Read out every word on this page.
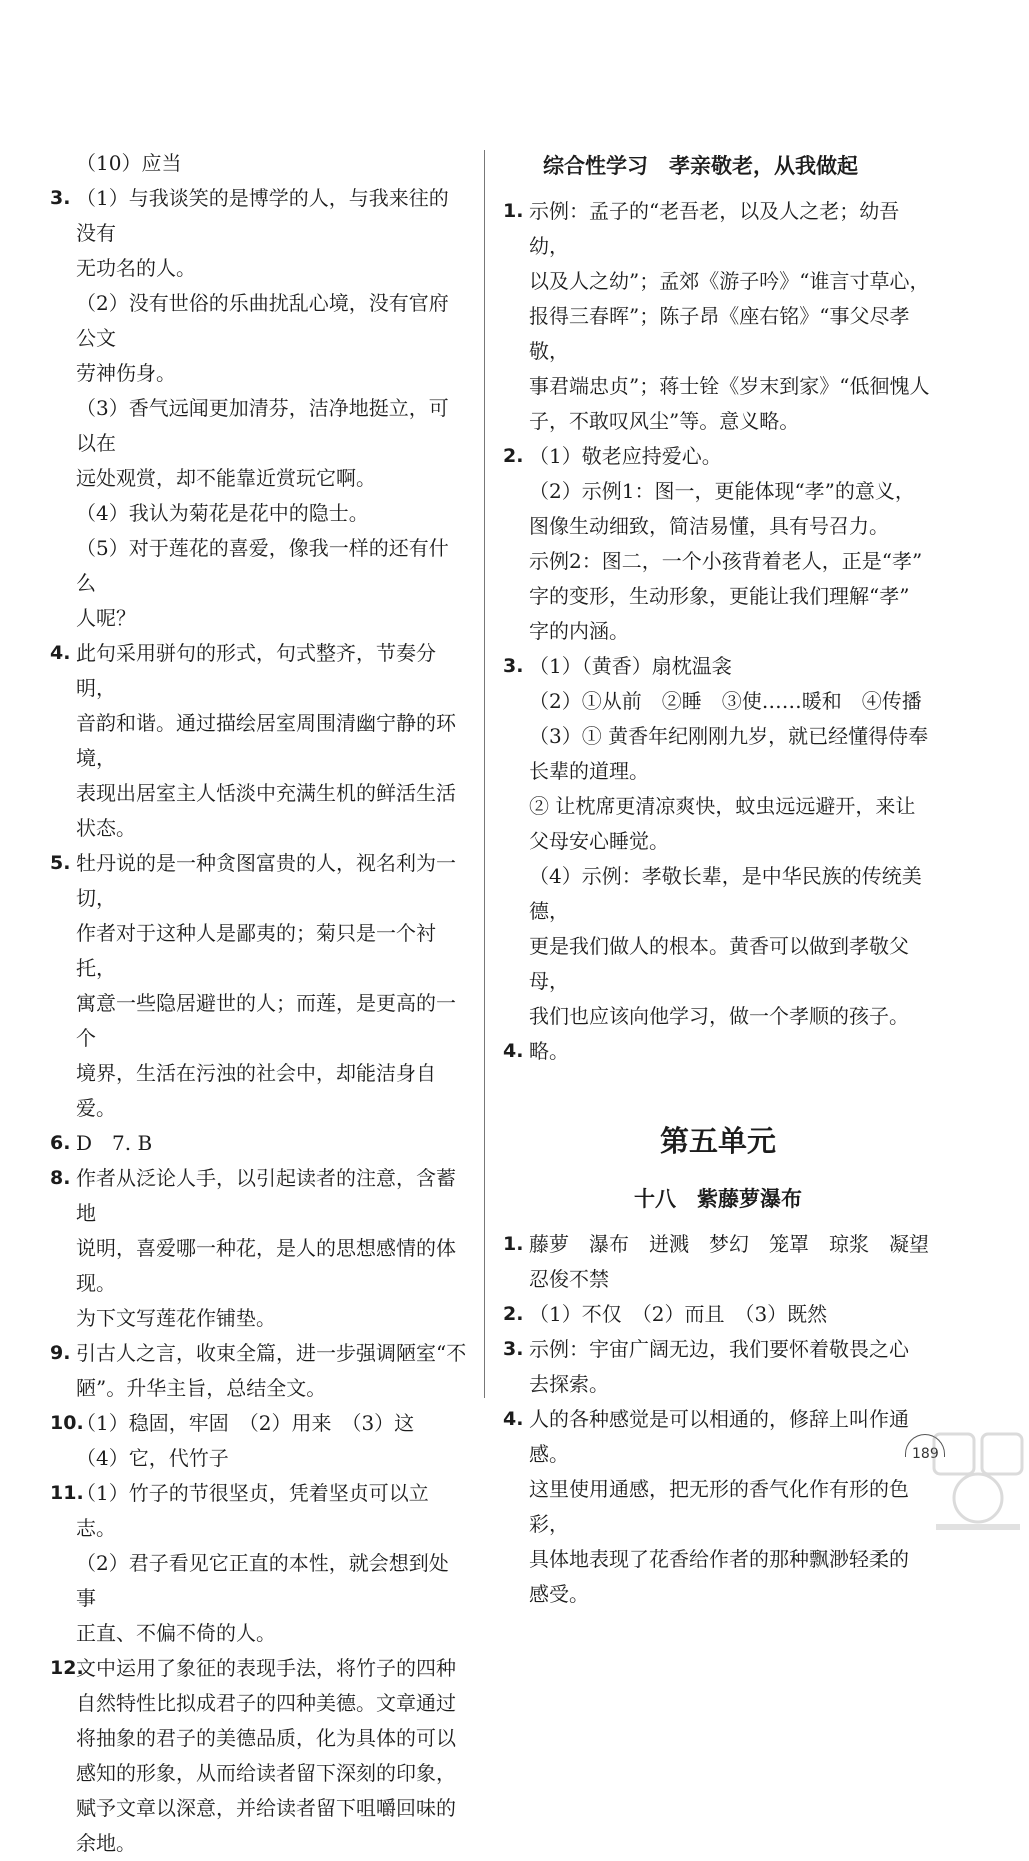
（10）应当
3. （1）与我谈笑的是博学的人，与我来往的没有
无功名的人。
（2）没有世俗的乐曲扰乱心境，没有官府公文
劳神伤身。
（3）香气远闻更加清芬，洁净地挺立，可以在
远处观赏，却不能靠近赏玩它啊。
（4）我认为菊花是花中的隐士。
（5）对于莲花的喜爱，像我一样的还有什么
人呢？
4. 此句采用骈句的形式，句式整齐，节奏分明，
音韵和谐。通过描绘居室周围清幽宁静的环境，
表现出居室主人恬淡中充满生机的鲜活生活
状态。
5. 牡丹说的是一种贪图富贵的人，视名利为一切，
作者对于这种人是鄙夷的；菊只是一个衬托，
寓意一些隐居避世的人；而莲，是更高的一个
境界，生活在污浊的社会中，却能洁身自爱。
6. D　7. B
8. 作者从泛论人手，以引起读者的注意，含蓄地
说明，喜爱哪一种花，是人的思想感情的体现。
为下文写莲花作铺垫。
9. 引古人之言，收束全篇，进一步强调陋室“不
陋”。升华主旨，总结全文。
10.
（1）稳固，牢固　（2）用来　（3）这
（4）它，代竹子
11.
（1）竹子的节很坚贞，凭着坚贞可以立志。
（2）君子看见它正直的本性，就会想到处事
正直、不偏不倚的人。
12.
文中运用了象征的表现手法，将竹子的四种
自然特性比拟成君子的四种美德。文章通过
将抽象的君子的美德品质，化为具体的可以
感知的形象，从而给读者留下深刻的印象，
赋予文章以深意，并给读者留下咀嚼回味的
余地。
综合性学习　孝亲敬老，从我做起
1. 示例：孟子的“老吾老，以及人之老；幼吾幼，
以及人之幼”；孟郊《游子吟》“谁言寸草心，
报得三春晖”；陈子昂《座右铭》“事父尽孝敬，
事君端忠贞”；蒋士铨《岁末到家》“低徊愧人
子，不敢叹风尘”等。意义略。
2. （1）敬老应持爱心。
（2）示例1：图一，更能体现“孝”的意义，
图像生动细致，简洁易懂，具有号召力。
示例2：图二，一个小孩背着老人，正是“孝”
字的变形，生动形象，更能让我们理解“孝”
字的内涵。
3. （1）（黄香）扇枕温衾
（2）①从前　②睡　③使……暖和　④传播
（3）① 黄香年纪刚刚九岁，就已经懂得侍奉
长辈的道理。
② 让枕席更清凉爽快，蚊虫远远避开，来让
父母安心睡觉。
（4）示例：孝敬长辈，是中华民族的传统美德，
更是我们做人的根本。黄香可以做到孝敬父母，
我们也应该向他学习，做一个孝顺的孩子。
4. 略。
第五单元
十八　紫藤萝瀑布
1. 藤萝　瀑布　迸溅　梦幻　笼罩　琼浆　凝望
忍俊不禁
2. （1）不仅　（2）而且　（3）既然
3. 示例：宇宙广阔无边，我们要怀着敬畏之心
去探索。
4. 人的各种感觉是可以相通的，修辞上叫作通感。
这里使用通感，把无形的香气化作有形的色彩，
具体地表现了花香给作者的那种飘渺轻柔的
感受。
189
